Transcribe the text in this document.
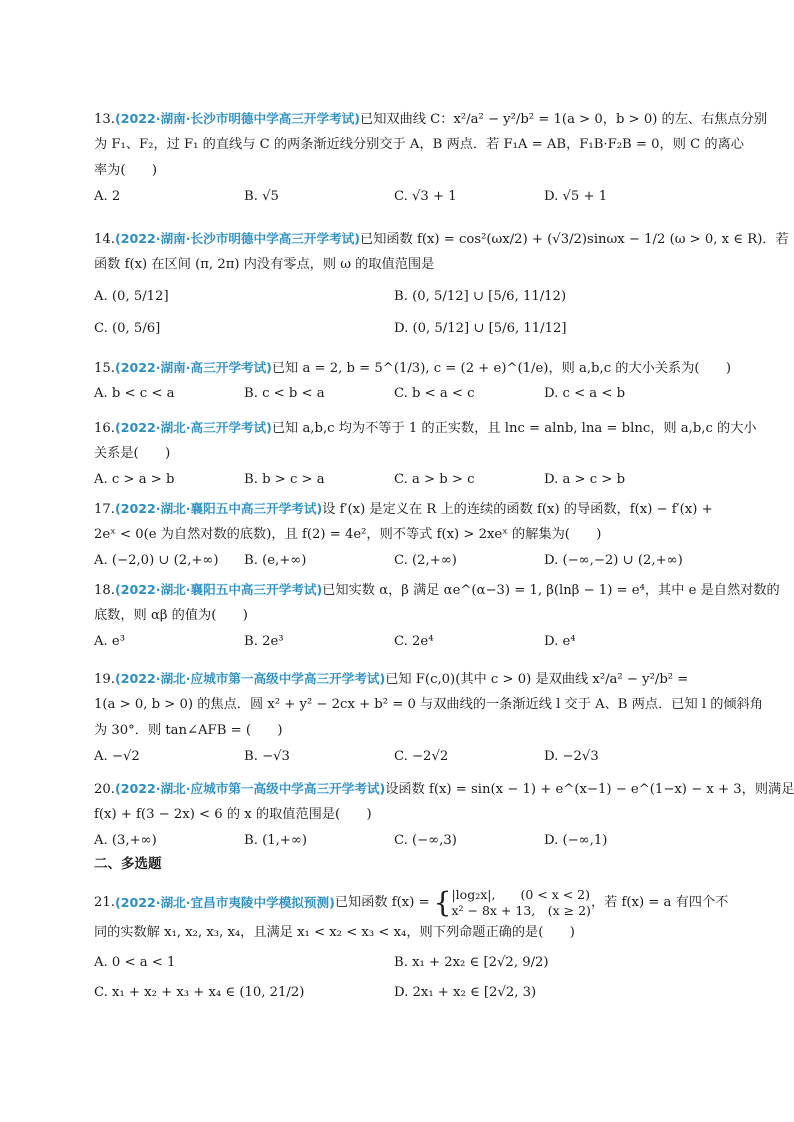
13.(2022·湖南·长沙市明德中学高三开学考试)已知双曲线 C：x²/a² − y²/b² = 1(a > 0，b > 0) 的左、右焦点分别
为 F₁、F₂，过 F₁ 的直线与 C 的两条渐近线分别交于 A，B 两点．若 F₁A = AB，F₁B·F₂B = 0，则 C 的离心
率为(　　)
A. 2	B. √5	C. √3 + 1	D. √5 + 1
14.(2022·湖南·长沙市明德中学高三开学考试)已知函数 f(x) = cos²(ωx/2) + (√3/2)sinωx − 1/2 (ω > 0, x ∈ R)．若
函数 f(x) 在区间 (π, 2π) 内没有零点，则 ω 的取值范围是
A. (0, 5/12]	B. (0, 5/12] ∪ [5/6, 11/12)
C. (0, 5/6]	D. (0, 5/12] ∪ [5/6, 11/12]
15.(2022·湖南·高三开学考试)已知 a = 2, b = 5^(1/3), c = (2 + e)^(1/e)，则 a,b,c 的大小关系为(　　)
A. b < c < a	B. c < b < a	C. b < a < c	D. c < a < b
16.(2022·湖北·高三开学考试)已知 a,b,c 均为不等于 1 的正实数，且 lnc = alnb, lna = blnc，则 a,b,c 的大小
关系是(　　)
A. c > a > b	B. b > c > a	C. a > b > c	D. a > c > b
17.(2022·湖北·襄阳五中高三开学考试)设 f′(x) 是定义在 R 上的连续的函数 f(x) 的导函数，f(x) − f′(x) +
2eˣ < 0(e 为自然对数的底数)，且 f(2) = 4e²，则不等式 f(x) > 2xeˣ 的解集为(　　)
A. (−2,0) ∪ (2,+∞)	B. (e,+∞)	C. (2,+∞)	D. (−∞,−2) ∪ (2,+∞)
18.(2022·湖北·襄阳五中高三开学考试)已知实数 α，β 满足 αe^(α−3) = 1, β(lnβ − 1) = e⁴，其中 e 是自然对数的
底数，则 αβ 的值为(　　)
A. e³	B. 2e³	C. 2e⁴	D. e⁴
19.(2022·湖北·应城市第一高级中学高三开学考试)已知 F(c,0)(其中 c > 0) 是双曲线 x²/a² − y²/b² =
1(a > 0, b > 0) 的焦点．圆 x² + y² − 2cx + b² = 0 与双曲线的一条渐近线 l 交于 A、B 两点．已知 l 的倾斜角
为 30°．则 tan∠AFB = (　　)
A. −√2	B. −√3	C. −2√2	D. −2√3
20.(2022·湖北·应城市第一高级中学高三开学考试)设函数 f(x) = sin(x − 1) + e^(x−1) − e^(1−x) − x + 3，则满足
f(x) + f(3 − 2x) < 6 的 x 的取值范围是(　　)
A. (3,+∞)	B. (1,+∞)	C. (−∞,3)	D. (−∞,1)
二、多选题
21. (2022·湖北·宜昌市夷陵中学模拟预测) 已知函数 f(x) = { |log₂x|,　　(0 < x < 2)
x² − 8x + 13,　(x ≥ 2)
，若 f(x) = a 有四个不
同的实数解 x₁, x₂, x₃, x₄，且满足 x₁ < x₂ < x₃ < x₄，则下列命题正确的是(　　)
A. 0 < a < 1	B. x₁ + 2x₂ ∈ [2√2, 9/2)
C. x₁ + x₂ + x₃ + x₄ ∈ (10, 21/2)	D. 2x₁ + x₂ ∈ [2√2, 3)
